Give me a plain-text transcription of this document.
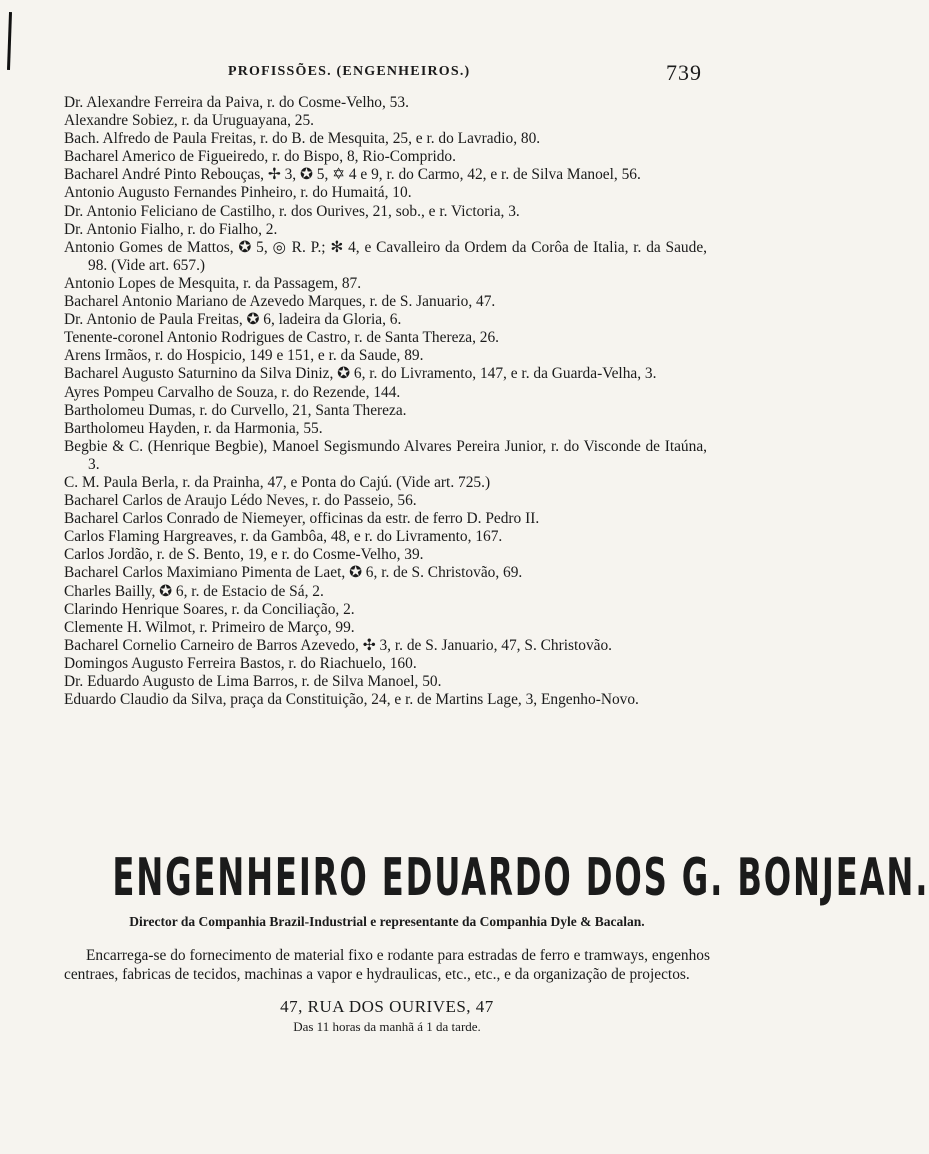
PROFISSÕES. (ENGENHEIROS.)	739

Dr. Alexandre Ferreira da Paiva, r. do Cosme-Velho, 53.

Alexandre Sobiez, r. da Uruguayana, 25.

Bach. Alfredo de Paula Freitas, r. do B. de Mesquita, 25, e r. do Lavradio, 80.

Bacharel Americo de Figueiredo, r. do Bispo, 8, Rio-Comprido.

Bacharel André Pinto Rebouças, ✢ 3, ✪ 5, ✡ 4 e 9, r. do Carmo, 42, e r. de Silva Manoel, 56.

Antonio Augusto Fernandes Pinheiro, r. do Humaitá, 10.

Dr. Antonio Feliciano de Castilho, r. dos Ourives, 21, sob., e r. Victoria, 3.

Dr. Antonio Fialho, r. do Fialho, 2.

Antonio Gomes de Mattos, ✪ 5, ◎ R. P.; ✻ 4, e Cavalleiro da Ordem da Corôa de Italia, r. da Saude, 98. (Vide art. 657.)

Antonio Lopes de Mesquita, r. da Passagem, 87.

Bacharel Antonio Mariano de Azevedo Marques, r. de S. Januario, 47.

Dr. Antonio de Paula Freitas, ✪ 6, ladeira da Gloria, 6.

Tenente-coronel Antonio Rodrigues de Castro, r. de Santa Thereza, 26.

Arens Irmãos, r. do Hospicio, 149 e 151, e r. da Saude, 89.

Bacharel Augusto Saturnino da Silva Diniz, ✪ 6, r. do Livramento, 147, e r. da Guarda-Velha, 3.

Ayres Pompeu Carvalho de Souza, r. do Rezende, 144.

Bartholomeu Dumas, r. do Curvello, 21, Santa Thereza.

Bartholomeu Hayden, r. da Harmonia, 55.

Begbie & C. (Henrique Begbie), Manoel Segismundo Alvares Pereira Junior, r. do Visconde de Itaúna, 3.

C. M. Paula Berla, r. da Prainha, 47, e Ponta do Cajú. (Vide art. 725.)

Bacharel Carlos de Araujo Lédo Neves, r. do Passeio, 56.

Bacharel Carlos Conrado de Niemeyer, officinas da estr. de ferro D. Pedro II.

Carlos Flaming Hargreaves, r. da Gambôa, 48, e r. do Livramento, 167.

Carlos Jordão, r. de S. Bento, 19, e r. do Cosme-Velho, 39.

Bacharel Carlos Maximiano Pimenta de Laet, ✪ 6, r. de S. Christovão, 69.

Charles Bailly, ✪ 6, r. de Estacio de Sá, 2.

Clarindo Henrique Soares, r. da Conciliação, 2.

Clemente H. Wilmot, r. Primeiro de Março, 99.

Bacharel Cornelio Carneiro de Barros Azevedo, ✣ 3, r. de S. Januario, 47, S. Christovão.

Domingos Augusto Ferreira Bastos, r. do Riachuelo, 160.

Dr. Eduardo Augusto de Lima Barros, r. de Silva Manoel, 50.

Eduardo Claudio da Silva, praça da Constituição, 24, e r. de Martins Lage, 3, Engenho-Novo.

ENGENHEIRO EDUARDO DOS G. BONJEAN.
Director da Companhia Brazil-Industrial e representante da Companhia Dyle & Bacalan.
Encarrega-se do fornecimento de material fixo e rodante para estradas de ferro e tramways, engenhos centraes, fabricas de tecidos, machinas a vapor e hydraulicas, etc., etc., e da organização de projectos.
47, RUA DOS OURIVES, 47
Das 11 horas da manhã á 1 da tarde.
